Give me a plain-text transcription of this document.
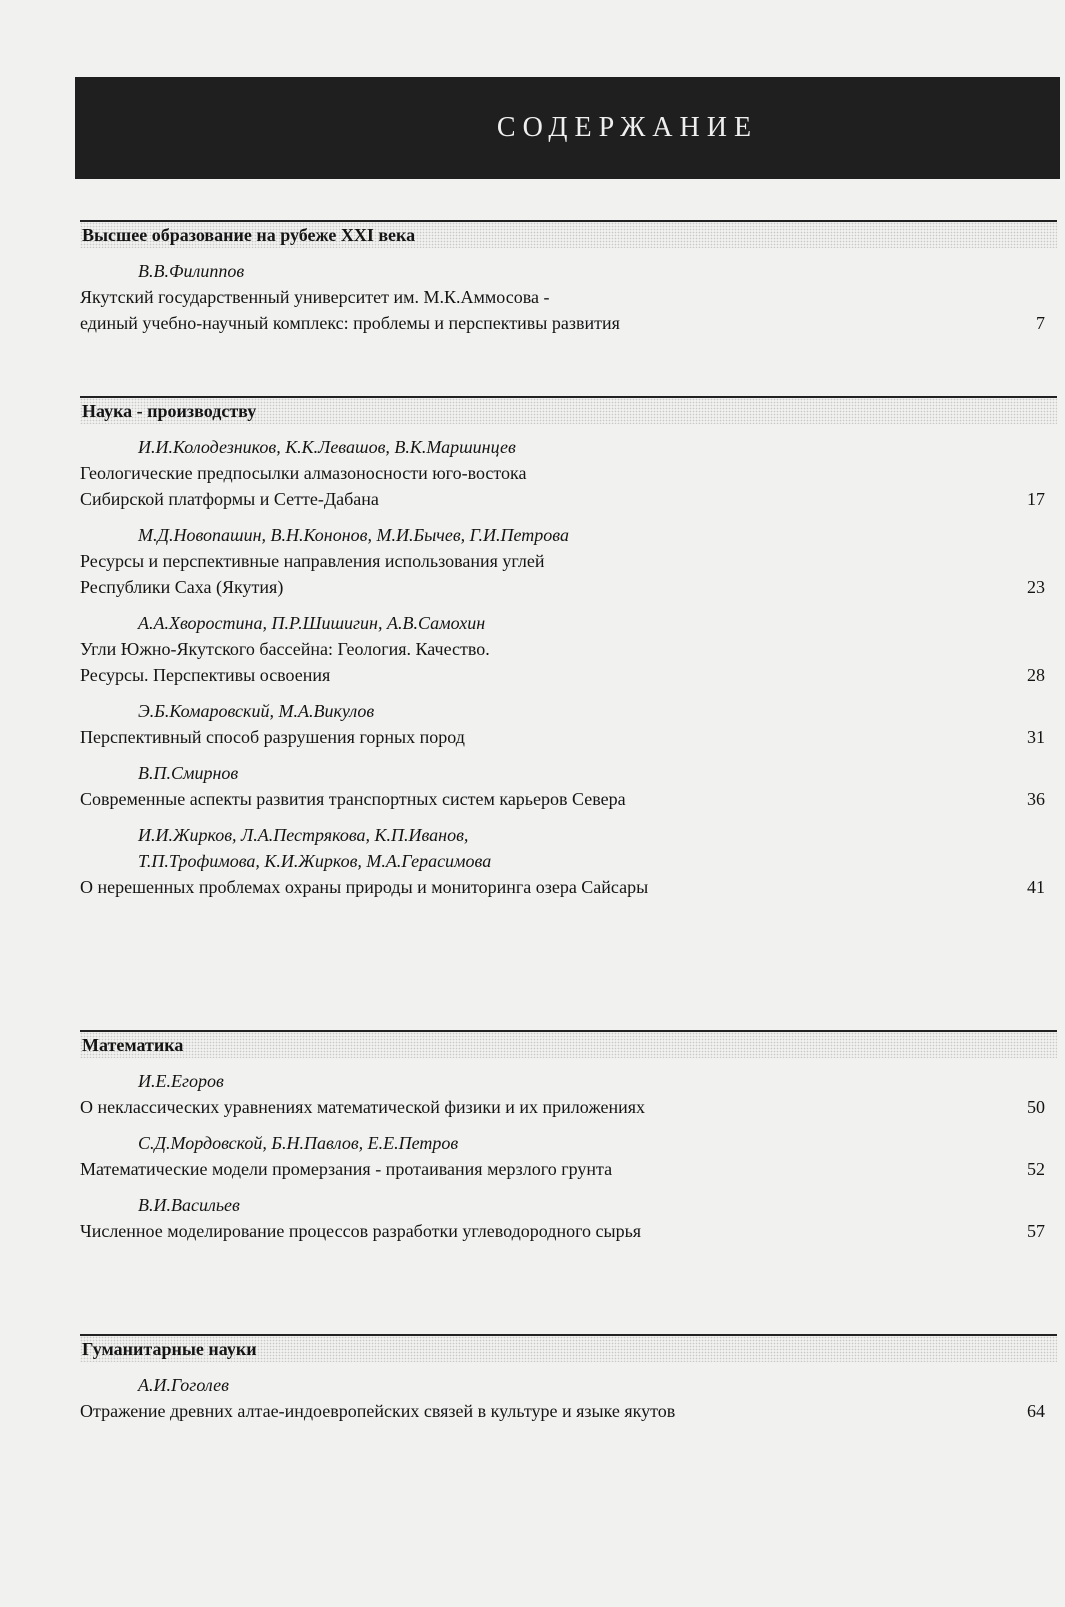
СОДЕРЖАНИЕ
Высшее образование на рубеже XXI века
В.В.Филиппов
Якутский государственный университет им. М.К.Аммосова -
единый учебно-научный комплекс: проблемы и перспективы развития	7
Наука - производству
И.И.Колодезников, К.К.Левашов, В.К.Маршинцев
Геологические предпосылки алмазоносности юго-востока
Сибирской платформы и Сетте-Дабана	17
М.Д.Новопашин, В.Н.Кононов, М.И.Бычев, Г.И.Петрова
Ресурсы и перспективные направления использования углей
Республики Саха (Якутия)	23
А.А.Хворостина, П.Р.Шишигин, А.В.Самохин
Угли Южно-Якутского бассейна: Геология. Качество.
Ресурсы. Перспективы освоения	28
Э.Б.Комаровский, М.А.Викулов
Перспективный способ разрушения горных пород	31
В.П.Смирнов
Современные аспекты развития транспортных систем карьеров Севера	36
И.И.Жирков, Л.А.Пестрякова, К.П.Иванов,
Т.П.Трофимова, К.И.Жирков, М.А.Герасимова
О нерешенных проблемах охраны природы и мониторинга озера Сайсары	41
Математика
И.Е.Егоров
О неклассических уравнениях математической физики и их приложениях	50
С.Д.Мордовской, Б.Н.Павлов, Е.Е.Петров
Математические модели промерзания - протаивания мерзлого грунта	52
В.И.Васильев
Численное моделирование процессов разработки углеводородного сырья	57
Гуманитарные науки
А.И.Гоголев
Отражение древних алтае-индоевропейских связей в культуре и языке якутов	64
